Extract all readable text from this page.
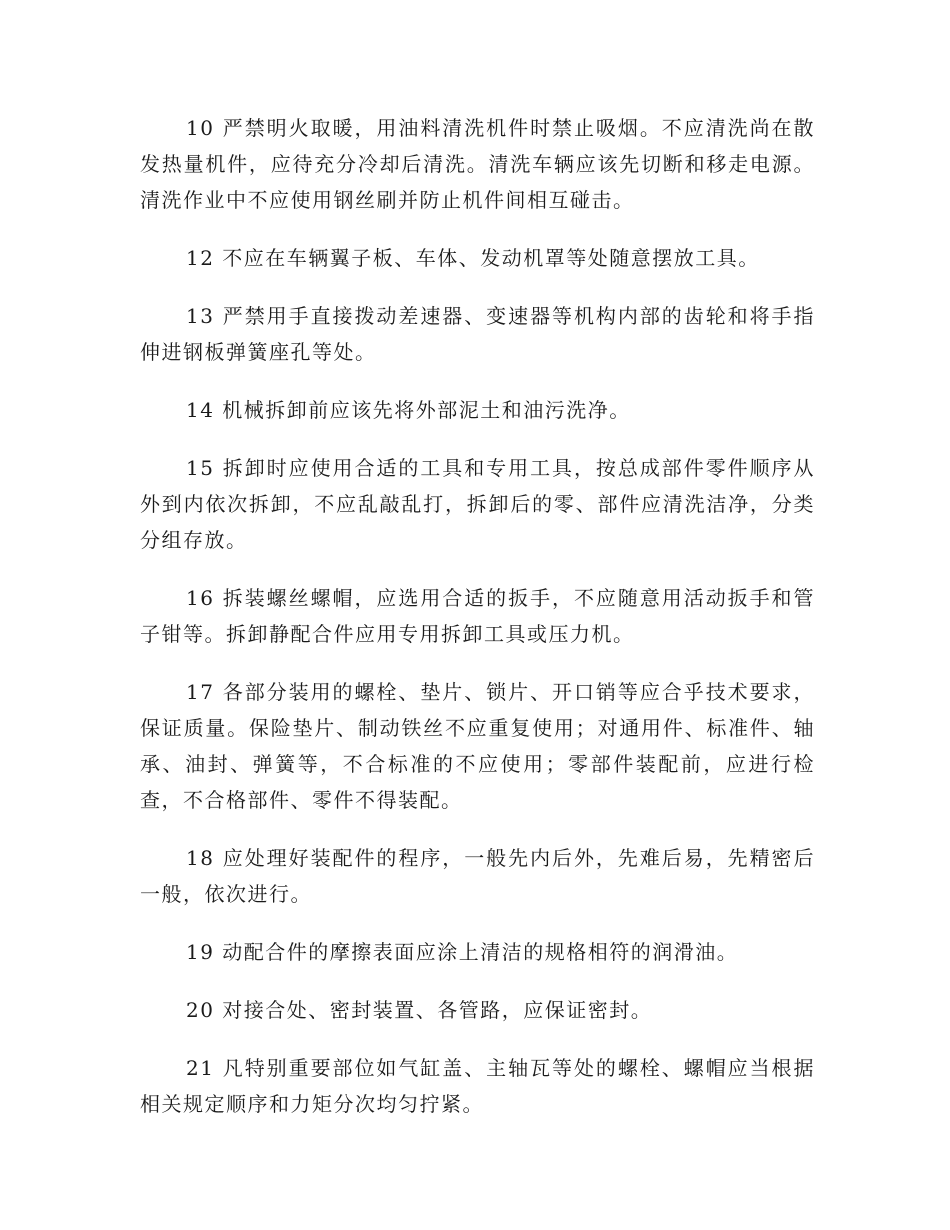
10 严禁明火取暖，用油料清洗机件时禁止吸烟。不应清洗尚在散发热量机件，应待充分冷却后清洗。清洗车辆应该先切断和移走电源。清洗作业中不应使用钢丝刷并防止机件间相互碰击。

12 不应在车辆翼子板、车体、发动机罩等处随意摆放工具。

13 严禁用手直接拨动差速器、变速器等机构内部的齿轮和将手指伸进钢板弹簧座孔等处。

14 机械拆卸前应该先将外部泥土和油污洗净。

15 拆卸时应使用合适的工具和专用工具，按总成部件零件顺序从外到内依次拆卸，不应乱敲乱打，拆卸后的零、部件应清洗洁净，分类分组存放。

16 拆装螺丝螺帽，应选用合适的扳手，不应随意用活动扳手和管子钳等。拆卸静配合件应用专用拆卸工具或压力机。

17 各部分装用的螺栓、垫片、锁片、开口销等应合乎技术要求，保证质量。保险垫片、制动铁丝不应重复使用；对通用件、标准件、轴承、油封、弹簧等，不合标准的不应使用；零部件装配前，应进行检查，不合格部件、零件不得装配。

18 应处理好装配件的程序，一般先内后外，先难后易，先精密后一般，依次进行。

19 动配合件的摩擦表面应涂上清洁的规格相符的润滑油。

20 对接合处、密封装置、各管路，应保证密封。

21 凡特别重要部位如气缸盖、主轴瓦等处的螺栓、螺帽应当根据相关规定顺序和力矩分次均匀拧紧。
